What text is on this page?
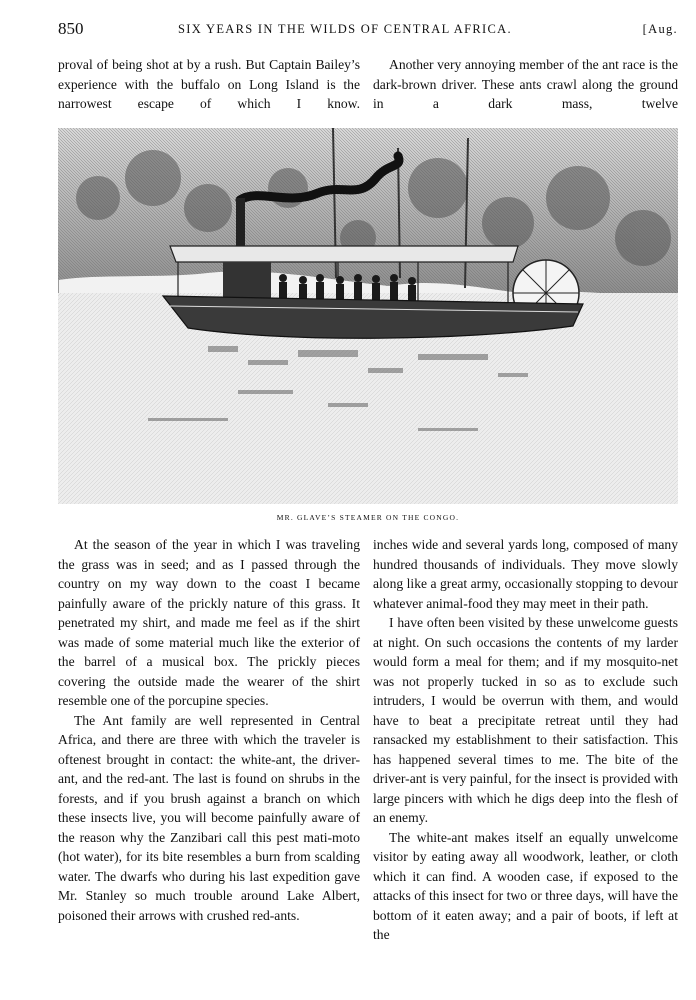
850	SIX YEARS IN THE WILDS OF CENTRAL AFRICA.	[Aug.

proval of being shot at by a rush. But Captain Bailey’s experience with the buffalo on Long Island is the narrowest escape of which I know.

Another very annoying member of the ant race is the dark-brown driver. These ants crawl along the ground in a dark mass, twelve

MR. GLAVE’S STEAMER ON THE CONGO.

At the season of the year in which I was traveling the grass was in seed; and as I passed through the country on my way down to the coast I became painfully aware of the prickly nature of this grass. It penetrated my shirt, and made me feel as if the shirt was made of some material much like the exterior of the barrel of a musical box. The prickly pieces covering the outside made the wearer of the shirt resemble one of the porcupine species.

The Ant family are well represented in Central Africa, and there are three with which the traveler is oftenest brought in contact: the white-ant, the driver-ant, and the red-ant. The last is found on shrubs in the forests, and if you brush against a branch on which these insects live, you will become painfully aware of the reason why the Zanzibari call this pest mati-moto (hot water), for its bite resembles a burn from scalding water. The dwarfs who during his last expedition gave Mr. Stanley so much trouble around Lake Albert, poisoned their arrows with crushed red-ants.

inches wide and several yards long, composed of many hundred thousands of individuals. They move slowly along like a great army, occasionally stopping to devour whatever animal-food they may meet in their path.

I have often been visited by these unwelcome guests at night. On such occasions the contents of my larder would form a meal for them; and if my mosquito-net was not properly tucked in so as to exclude such intruders, I would be overrun with them, and would have to beat a precipitate retreat until they had ransacked my establishment to their satisfaction. This has happened several times to me. The bite of the driver-ant is very painful, for the insect is provided with large pincers with which he digs deep into the flesh of an enemy.

The white-ant makes itself an equally unwelcome visitor by eating away all woodwork, leather, or cloth which it can find. A wooden case, if exposed to the attacks of this insect for two or three days, will have the bottom of it eaten away; and a pair of boots, if left at the
